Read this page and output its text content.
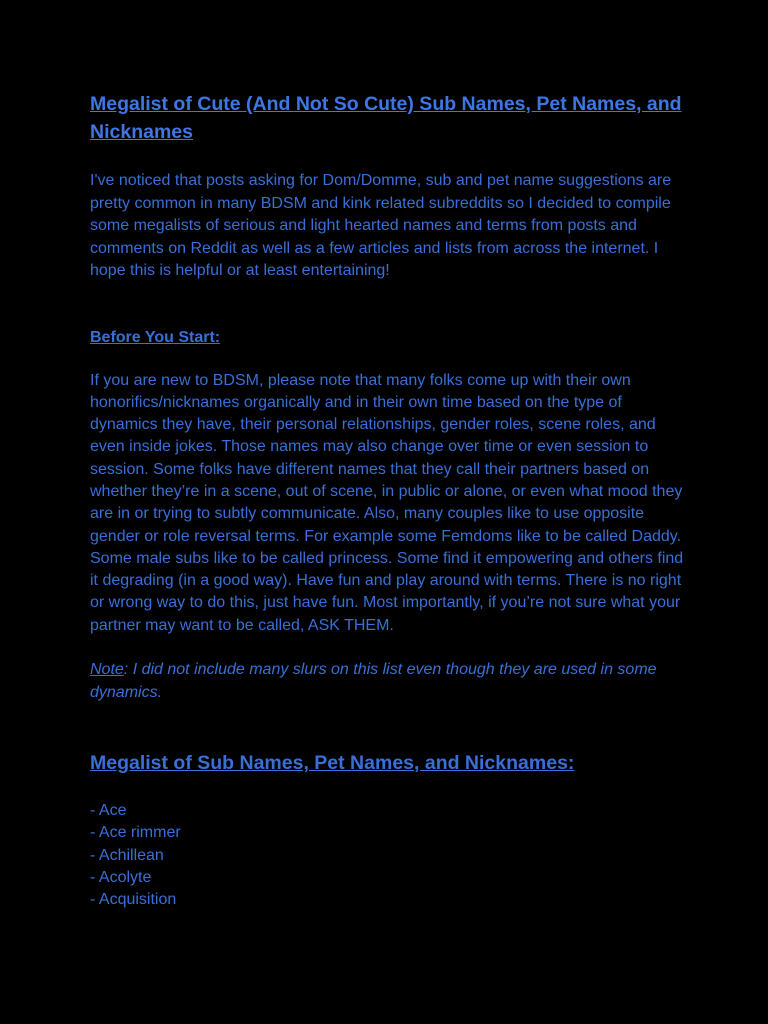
Megalist of Cute (And Not So Cute) Sub Names, Pet Names, and Nicknames

I've noticed that posts asking for Dom/Domme, sub and pet name suggestions are pretty common in many BDSM and kink related subreddits so I decided to compile some megalists of serious and light hearted names and terms from posts and comments on Reddit as well as a few articles and lists from across the internet. I hope this is helpful or at least entertaining!

Before You Start:

If you are new to BDSM, please note that many folks come up with their own honorifics/nicknames organically and in their own time based on the type of dynamics they have, their personal relationships, gender roles, scene roles, and even inside jokes. Those names may also change over time or even session to session. Some folks have different names that they call their partners based on whether they’re in a scene, out of scene, in public or alone, or even what mood they are in or trying to subtly communicate. Also, many couples like to use opposite gender or role reversal terms. For example some Femdoms like to be called Daddy. Some male subs like to be called princess. Some find it empowering and others find it degrading (in a good way). Have fun and play around with terms. There is no right or wrong way to do this, just have fun. Most importantly, if you’re not sure what your partner may want to be called, ASK THEM.

Note: I did not include many slurs on this list even though they are used in some dynamics.

Megalist of Sub Names, Pet Names, and Nicknames:
- Ace
- Ace rimmer
- Achillean
- Acolyte
- Acquisition
